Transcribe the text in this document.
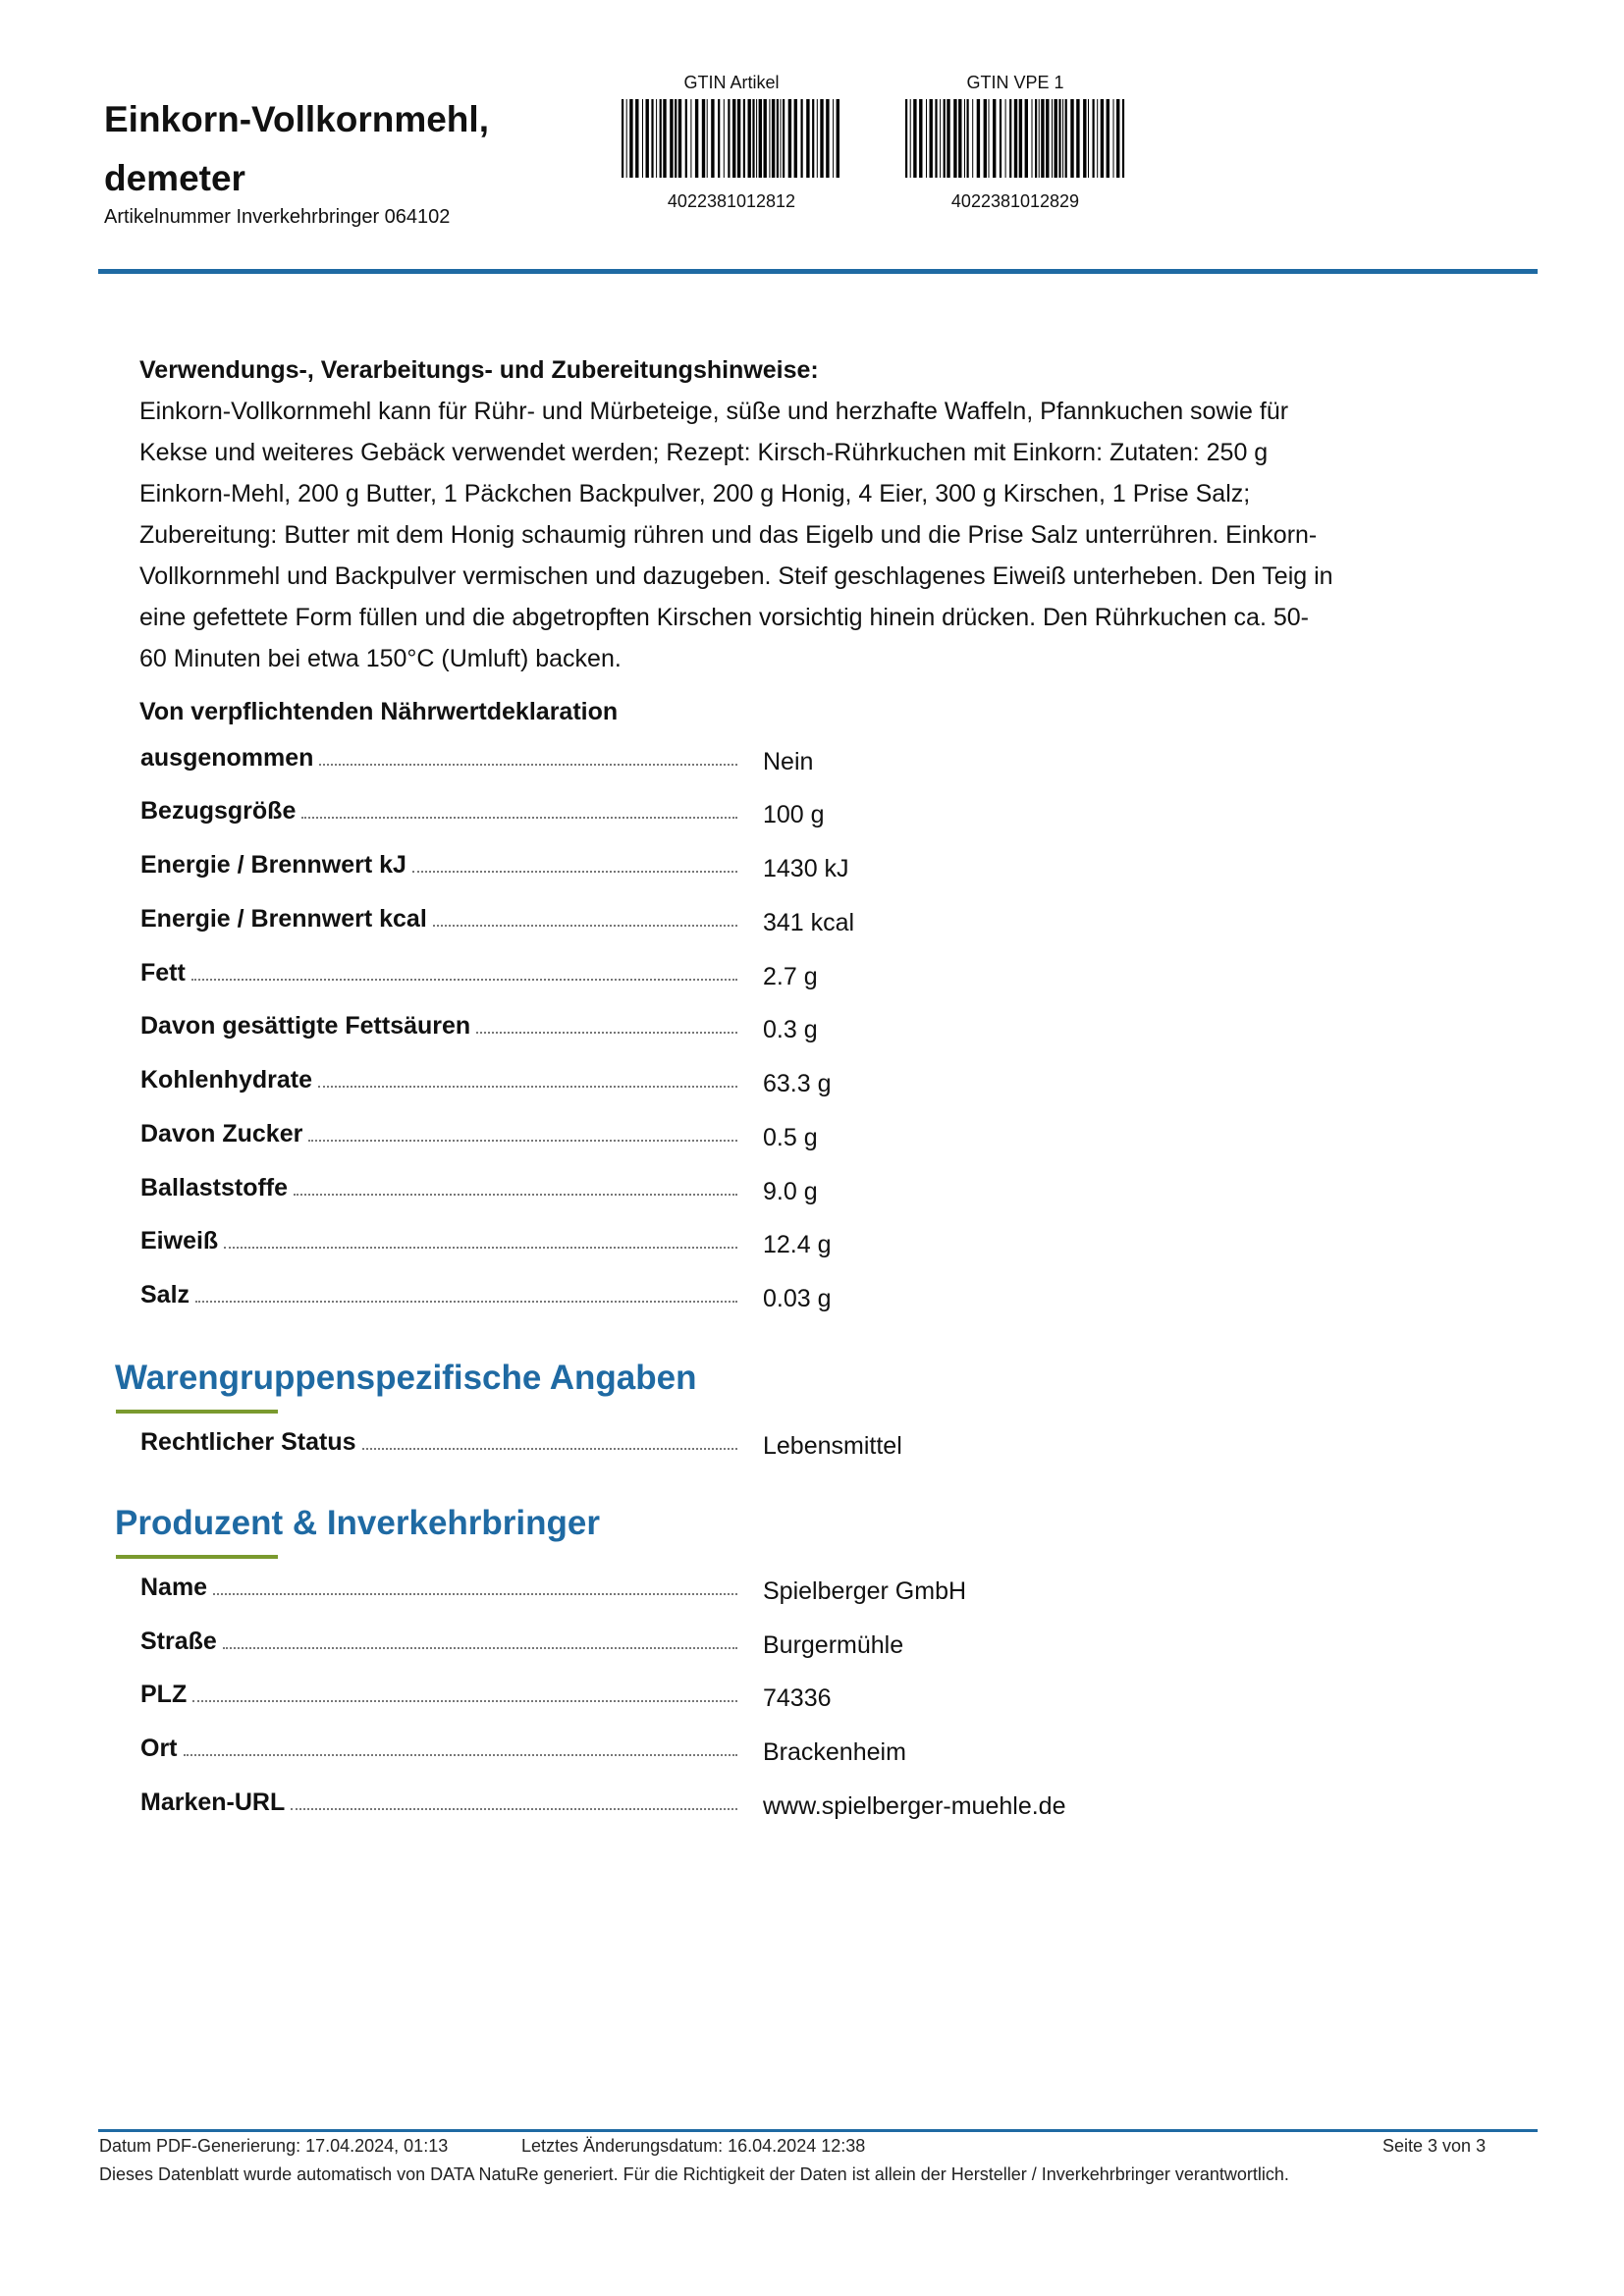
Einkorn-Vollkornmehl,
demeter
Artikelnummer Inverkehrbringer 064102
GTIN Artikel
4022381012812
GTIN VPE 1
4022381012829
Verwendungs-, Verarbeitungs- und Zubereitungshinweise:
Einkorn-Vollkornmehl kann für Rühr- und Mürbeteige, süße und herzhafte Waffeln, Pfannkuchen sowie für
Kekse und weiteres Gebäck verwendet werden; Rezept: Kirsch-Rührkuchen mit Einkorn: Zutaten: 250 g
Einkorn-Mehl, 200 g Butter, 1 Päckchen Backpulver, 200 g Honig, 4 Eier, 300 g Kirschen, 1 Prise Salz;
Zubereitung: Butter mit dem Honig schaumig rühren und das Eigelb und die Prise Salz unterrühren. Einkorn-
Vollkornmehl und Backpulver vermischen und dazugeben. Steif geschlagenes Eiweiß unterheben. Den Teig in
eine gefettete Form füllen und die abgetropften Kirschen vorsichtig hinein drücken. Den Rührkuchen ca. 50-
60 Minuten bei etwa 150°C (Umluft) backen.
Von verpflichtenden Nährwertdeklaration
ausgenommen	Nein
Bezugsgröße	100 g
Energie / Brennwert kJ	1430 kJ
Energie / Brennwert kcal	341 kcal
Fett	2.7 g
Davon gesättigte Fettsäuren	0.3 g
Kohlenhydrate	63.3 g
Davon Zucker	0.5 g
Ballaststoffe	9.0 g
Eiweiß	12.4 g
Salz	0.03 g
Warengruppenspezifische Angaben
Rechtlicher Status	Lebensmittel
Produzent & Inverkehrbringer
Name	Spielberger GmbH
Straße	Burgermühle
PLZ	74336
Ort	Brackenheim
Marken-URL	www.spielberger-muehle.de
Datum PDF-Generierung: 17.04.2024, 01:13	Letztes Änderungsdatum: 16.04.2024 12:38	Seite 3 von 3
Dieses Datenblatt wurde automatisch von DATA NatuRe generiert. Für die Richtigkeit der Daten ist allein der Hersteller / Inverkehrbringer verantwortlich.
